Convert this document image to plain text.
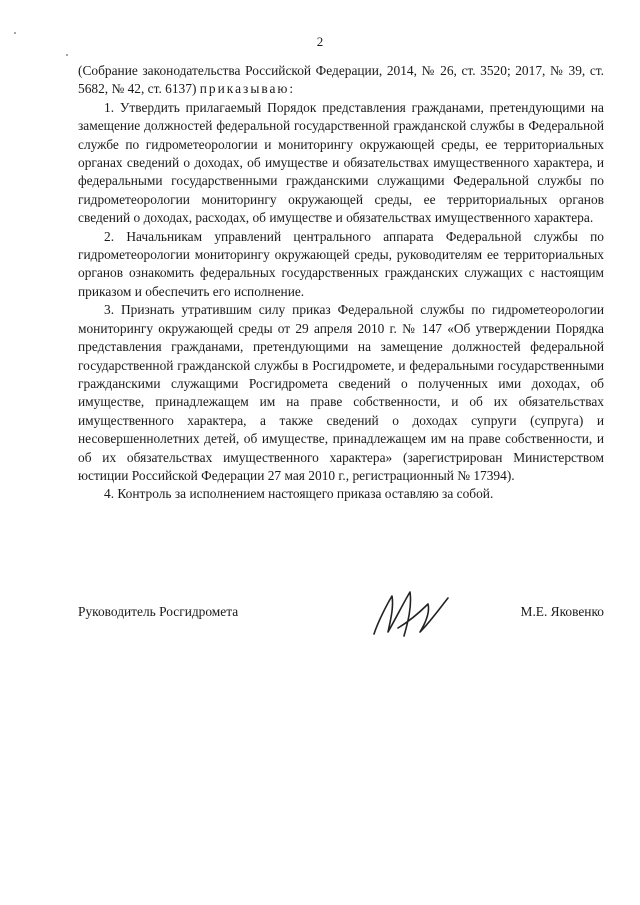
2

(Собрание законодательства Российской Федерации, 2014, № 26, ст. 3520; 2017, № 39, ст. 5682, № 42, ст. 6137) приказываю:

1. Утвердить прилагаемый Порядок представления гражданами, претендующими на замещение должностей федеральной государственной гражданской службы в Федеральной службе по гидрометеорологии и мониторингу окружающей среды, ее территориальных органах сведений о доходах, об имуществе и обязательствах имущественного характера, и федеральными государственными гражданскими служащими Федеральной службы по гидрометеорологии мониторингу окружающей среды, ее территориальных органов сведений о доходах, расходах, об имуществе и обязательствах имущественного характера.

2. Начальникам управлений центрального аппарата Федеральной службы по гидрометеорологии мониторингу окружающей среды, руководителям ее территориальных органов ознакомить федеральных государственных гражданских служащих с настоящим приказом и обеспечить его исполнение.

3. Признать утратившим силу приказ Федеральной службы по гидрометеорологии мониторингу окружающей среды от 29 апреля 2010 г. № 147 «Об утверждении Порядка представления гражданами, претендующими на замещение должностей федеральной государственной гражданской службы в Росгидромете, и федеральными государственными гражданскими служащими Росгидромета сведений о полученных ими доходах, об имуществе, принадлежащем им на праве собственности, и об их обязательствах имущественного характера, а также сведений о доходах супруги (супруга) и несовершеннолетних детей, об имуществе, принадлежащем им на праве собственности, и об их обязательствах имущественного характера» (зарегистрирован Министерством юстиции Российской Федерации 27 мая 2010 г., регистрационный № 17394).

4. Контроль за исполнением настоящего приказа оставляю за собой.

Руководитель Росгидромета	М.Е. Яковенко
